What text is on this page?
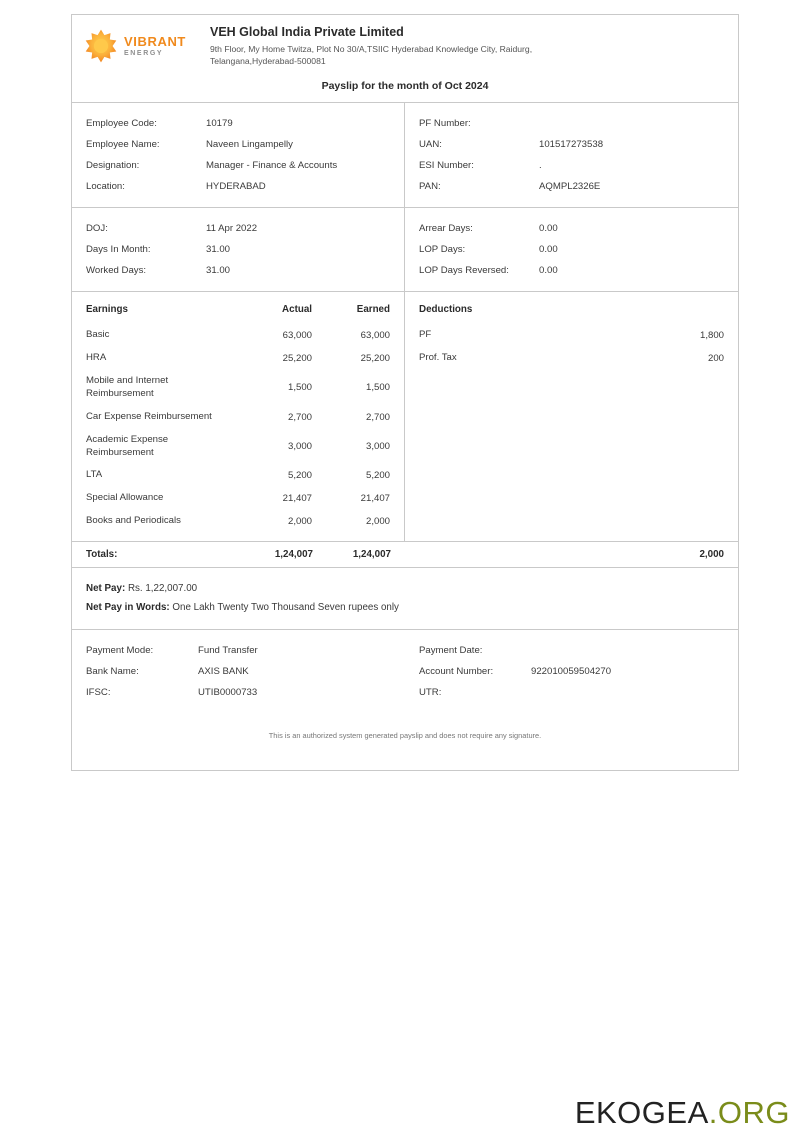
VIBRANT
ENERGY
VEH Global India Private Limited
9th Floor, My Home Twitza, Plot No 30/A,TSIIC Hyderabad Knowledge City, Raidurg,
Telangana,Hyderabad-500081
Payslip for the month of Oct 2024
Employee Code:	10179
Employee Name:	Naveen Lingampelly
Designation:	Manager - Finance & Accounts
Location:	HYDERABAD
PF Number:
UAN:	101517273538
ESI Number:	.
PAN:	AQMPL2326E
DOJ:	11 Apr 2022
Days In Month:	31.00
Worked Days:	31.00
Arrear Days:	0.00
LOP Days:	0.00
LOP Days Reversed:	0.00
Earnings	Actual	Earned
Basic	63,000	63,000
HRA	25,200	25,200
Mobile and Internet Reimbursement	1,500	1,500
Car Expense Reimbursement	2,700	2,700
Academic Expense Reimbursement	3,000	3,000
LTA	5,200	5,200
Special Allowance	21,407	21,407
Books and Periodicals	2,000	2,000
Deductions	
PF	1,800
Prof. Tax	200
Totals:	1,24,007	1,24,007	2,000
Net Pay: Rs. 1,22,007.00
Net Pay in Words: One Lakh Twenty Two Thousand Seven rupees only
Payment Mode:	Fund Transfer	Payment Date:
Bank Name:	AXIS BANK	Account Number:	922010059504270
IFSC:	UTIB0000733	UTR:
This is an authorized system generated payslip and does not require any signature.
EKOGEA.ORG
